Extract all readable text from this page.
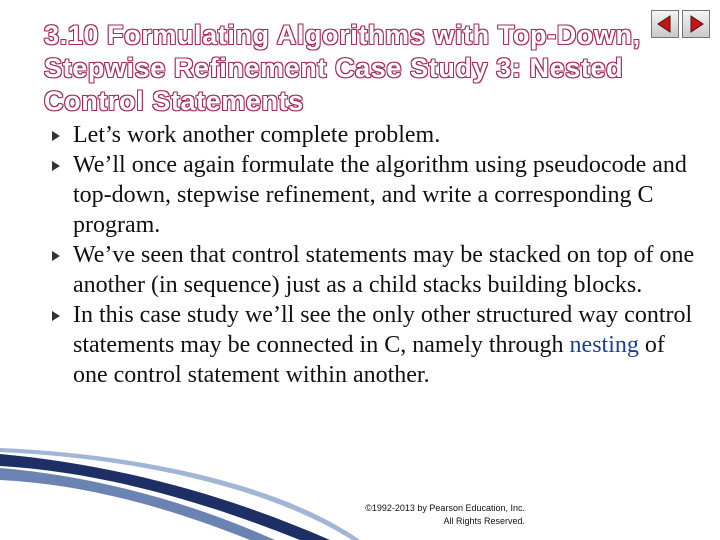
3.10 Formulating Algorithms with Top-Down,
Stepwise Refinement Case Study 3: Nested
Control Statements
Let’s work another complete problem.
We’ll once again formulate the algorithm using pseudocode and top-down, stepwise refinement, and write a corresponding C program.
We’ve seen that control statements may be stacked on top of one another (in sequence) just as a child stacks building blocks.
In this case study we’ll see the only other structured way control statements may be connected in C, namely through nesting of one control statement within another.
©1992-2013 by Pearson Education, Inc.
All Rights Reserved.
